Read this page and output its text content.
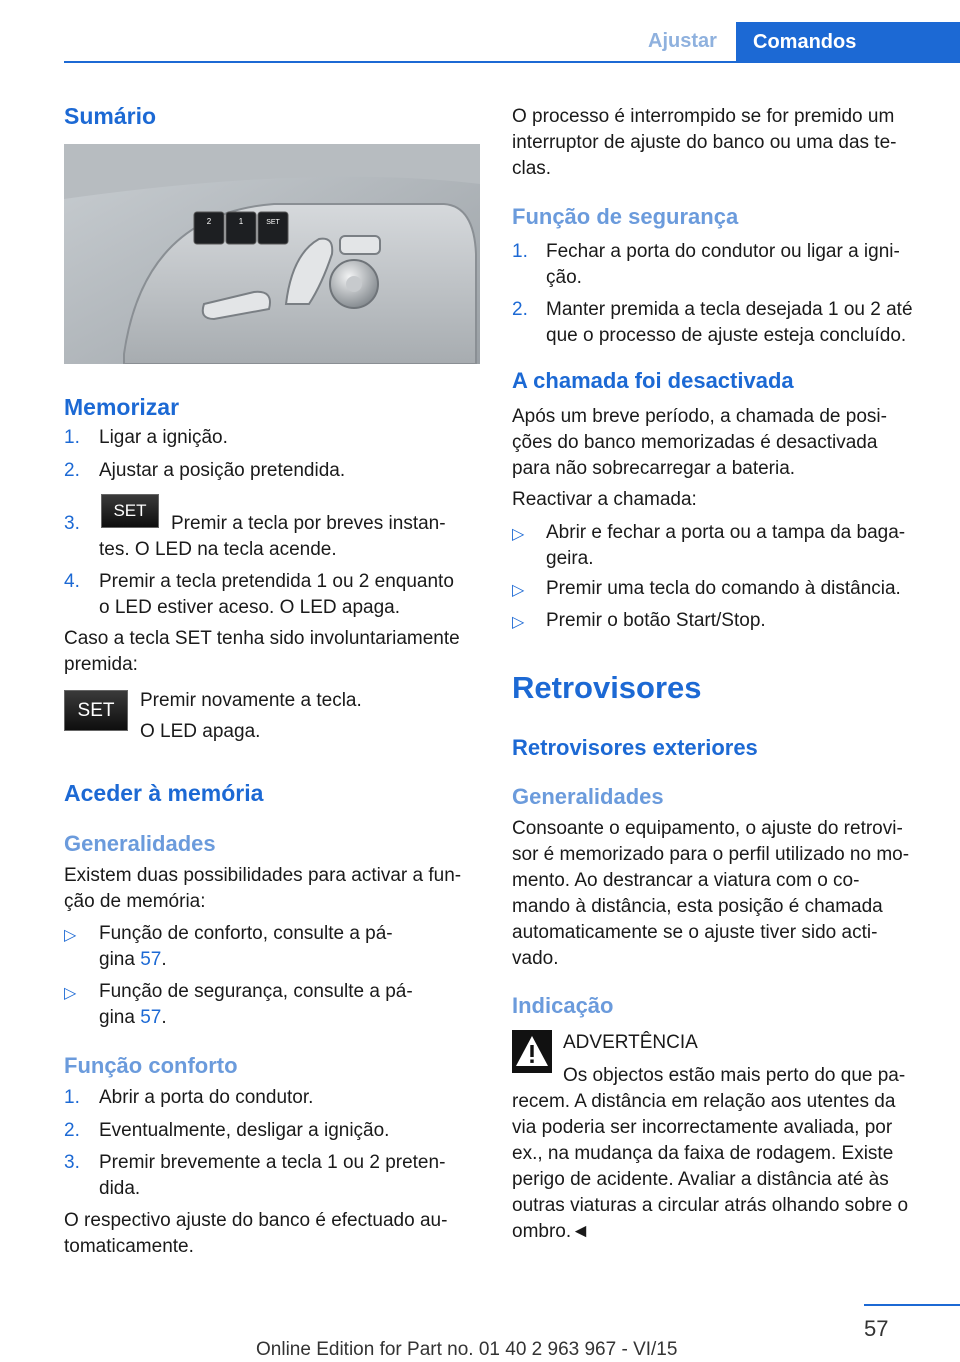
Ajustar Comandos
Sumário
Memorizar
1. Ligar a ignição.
2. Ajustar a posição pretendida.
3.
SET
Premir a tecla por breves instan-
tes. O LED na tecla acende.
4. Premir a tecla pretendida 1 ou 2 enquanto
o LED estiver aceso. O LED apaga.
Caso a tecla SET tenha sido involuntariamente
premida:
SET	Premir novamente a tecla.
O LED apaga.
Aceder à memória
Generalidades
Existem duas possibilidades para activar a fun-
ção de memória:
▷ Função de conforto, consulte a pá-
gina 57.
▷ Função de segurança, consulte a pá-
gina 57.
Função conforto
1. Abrir a porta do condutor.
2. Eventualmente, desligar a ignição.
3. Premir brevemente a tecla 1 ou 2 preten-
dida.
O respectivo ajuste do banco é efectuado au-
tomaticamente.
2	1	SET
O processo é interrompido se for premido um
interruptor de ajuste do banco ou uma das te-
clas.
Função de segurança
1. Fechar a porta do condutor ou ligar a igni-
ção.
2. Manter premida a tecla desejada 1 ou 2 até
que o processo de ajuste esteja concluído.
A chamada foi desactivada
Após um breve período, a chamada de posi-
ções do banco memorizadas é desactivada
para não sobrecarregar a bateria.
Reactivar a chamada:
▷ Abrir e fechar a porta ou a tampa da baga-
geira.
▷ Premir uma tecla do comando à distância.
▷ Premir o botão Start/Stop.
Retrovisores
Retrovisores exteriores
Generalidades
Consoante o equipamento, o ajuste do retrovi-
sor é memorizado para o perfil utilizado no mo-
mento. Ao destrancar a viatura com o co-
mando à distância, esta posição é chamada
automaticamente se o ajuste tiver sido acti-
vado.
Indicação
ADVERTÊNCIA
Os objectos estão mais perto do que pa-
recem. A distância em relação aos utentes da
via poderia ser incorrectamente avaliada, por
ex., na mudança da faixa de rodagem. Existe
perigo de acidente. Avaliar a distância até às
outras viaturas a circular atrás olhando sobre o
ombro.◄
57
Online Edition for Part no. 01 40 2 963 967 - VI/15
